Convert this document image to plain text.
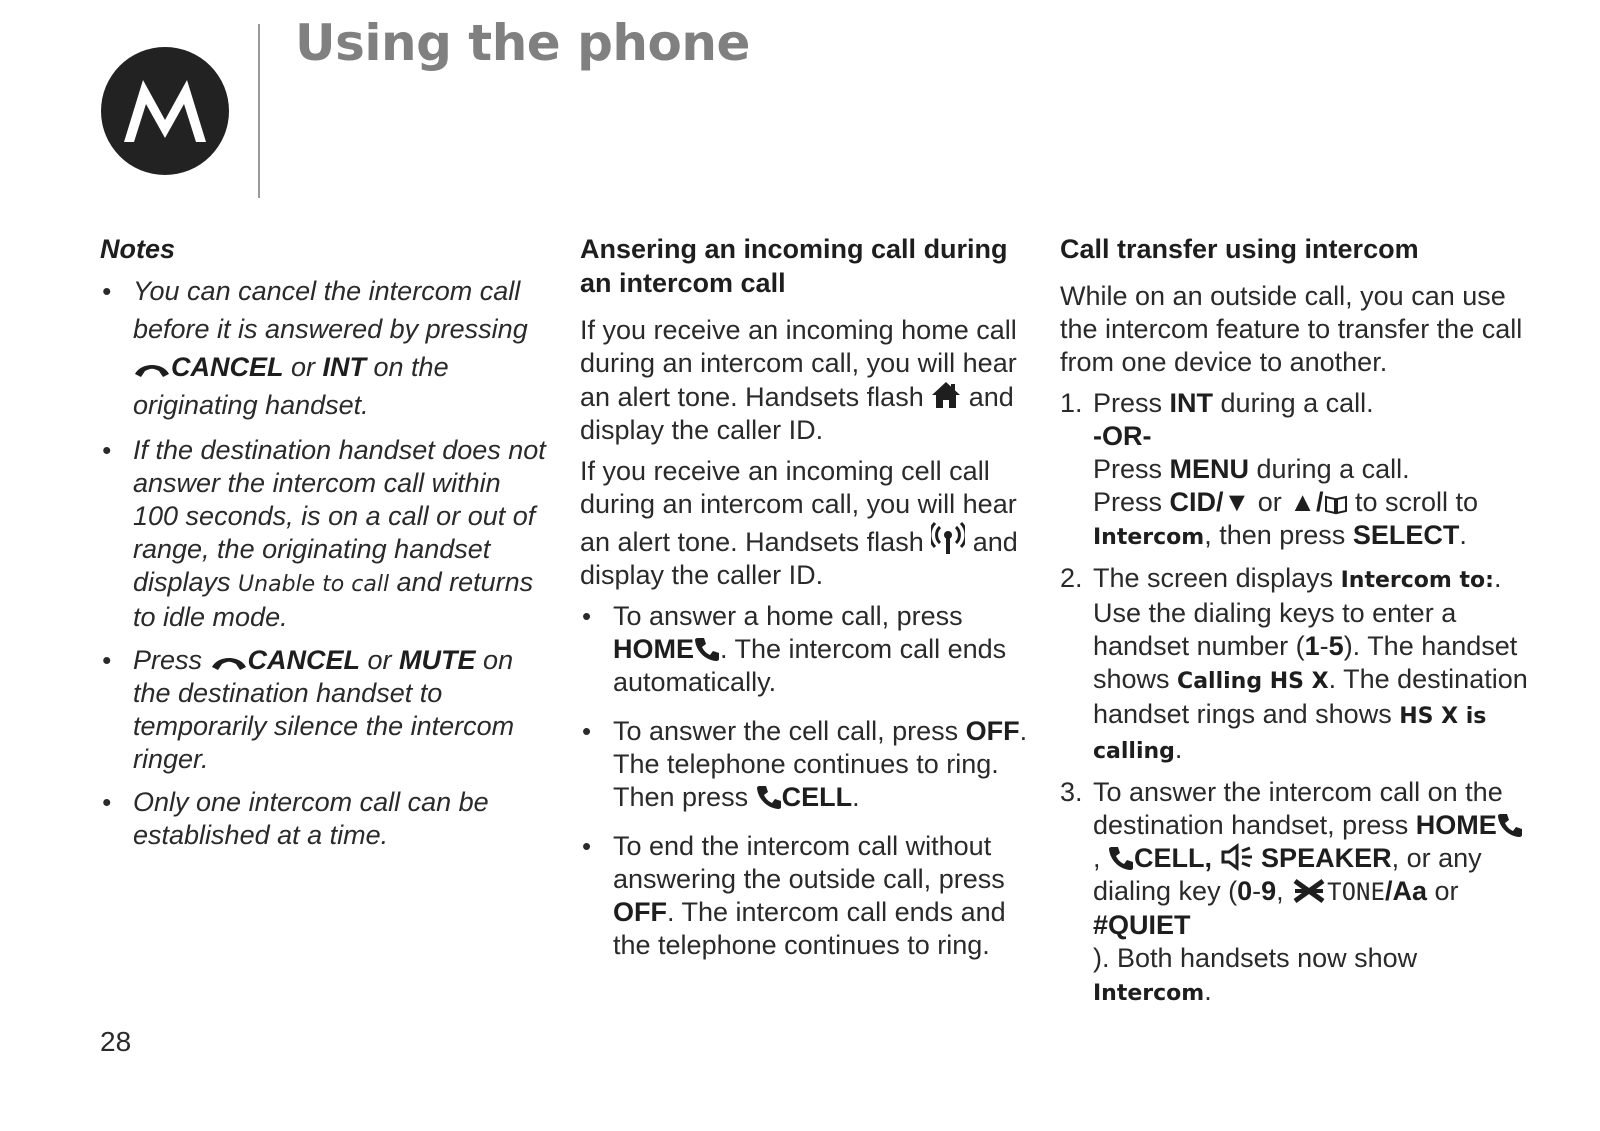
Using the phone
Notes
• You can cancel the intercom call before it is answered by pressing CANCEL or INT on the originating handset.
• If the destination handset does not answer the intercom call within 100 seconds, is on a call or out of range, the originating handset displays Unable to call and returns to idle mode.
• Press CANCEL or MUTE on the destination handset to temporarily silence the intercom ringer.
• Only one intercom call can be established at a time.
Ansering an incoming call during an intercom call

If you receive an incoming home call during an intercom call, you will hear an alert tone. Handsets flash  and display the caller ID.

If you receive an incoming cell call during an intercom call, you will hear an alert tone. Handsets flash  and display the caller ID.

• To answer a home call, press HOME . The intercom call ends automatically.
• To answer the cell call, press OFF. The telephone continues to ring. Then press CELL.
• To end the intercom call without answering the outside call, press OFF. The intercom call ends and the telephone continues to ring.
Call transfer using intercom

While on an outside call, you can use the intercom feature to transfer the call from one device to another.

1. Press INT during a call.
-OR-
Press MENU during a call.
Press CID/▼ or ▲/ to scroll to Intercom, then press SELECT.
2. The screen displays Intercom to:. Use the dialing keys to enter a handset number (1-5). The handset shows Calling HS X. The destination handset rings and shows HS X is calling.
3. To answer the intercom call on the destination handset, press HOME, CELL, SPEAKER, or any dialing key (0-9, TONE/Aa or #QUIET
). Both handsets now show
Intercom.
28
